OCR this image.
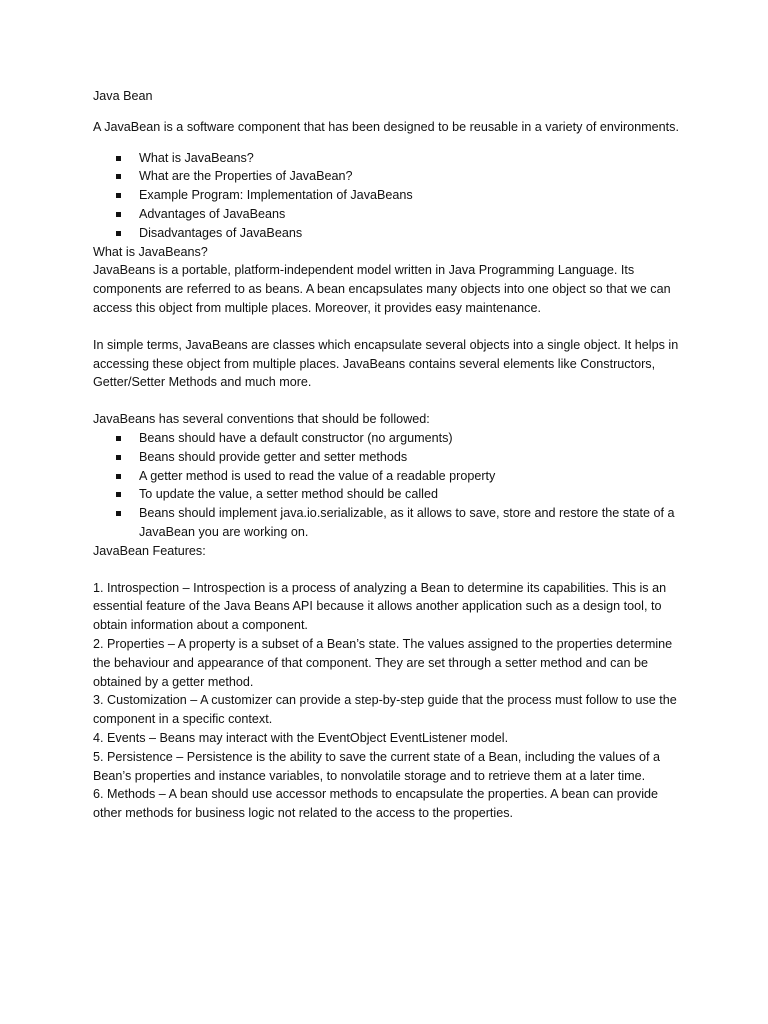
Java Bean

A JavaBean is a software component that has been designed to be reusable in a variety of environments.

What is JavaBeans?
What are the Properties of JavaBean?
Example Program: Implementation of JavaBeans
Advantages of JavaBeans
Disadvantages of JavaBeans

What is JavaBeans?

JavaBeans is a portable, platform-independent model written in Java Programming Language. Its components are referred to as beans. A bean encapsulates many objects into one object so that we can access this object from multiple places. Moreover, it provides easy maintenance.

In simple terms, JavaBeans are classes which encapsulate several objects into a single object. It helps in accessing these object from multiple places. JavaBeans contains several elements like Constructors, Getter/Setter Methods and much more.

JavaBeans has several conventions that should be followed:

Beans should have a default constructor (no arguments)
Beans should provide getter and setter methods
A getter method is used to read the value of a readable property
To update the value, a setter method should be called
Beans should implement java.io.serializable, as it allows to save, store and restore the state of a JavaBean you are working on.

JavaBean Features:

1. Introspection – Introspection is a process of analyzing a Bean to determine its capabilities. This is an essential feature of the Java Beans API because it allows another application such as a design tool, to obtain information about a component.

2. Properties – A property is a subset of a Bean’s state. The values assigned to the properties determine the behaviour and appearance of that component. They are set through a setter method and can be obtained by a getter method.

3. Customization – A customizer can provide a step-by-step guide that the process must follow to use the component in a specific context.

4. Events – Beans may interact with the EventObject EventListener model.

5. Persistence – Persistence is the ability to save the current state of a Bean, including the values of a Bean’s properties and instance variables, to nonvolatile storage and to retrieve them at a later time.

6. Methods – A bean should use accessor methods to encapsulate the properties. A bean can provide other methods for business logic not related to the access to the properties.
